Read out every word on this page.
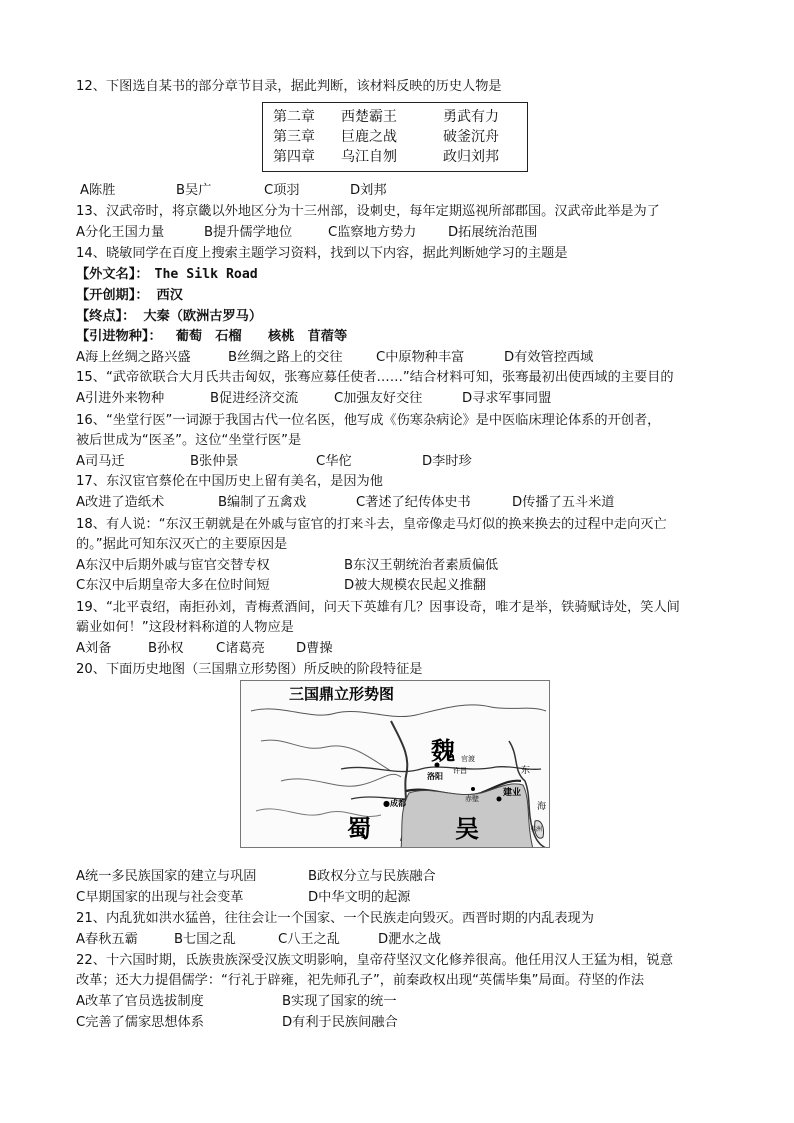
12、下图选自某书的部分章节目录，据此判断，该材料反映的历史人物是
第二章 西楚霸王	勇武有力
第三章 巨鹿之战	破釜沉舟
第四章 乌江自刎	政归刘邦
A陈胜	B吴广	C项羽	D刘邦
13、汉武帝时，将京畿以外地区分为十三州部，设刺史，每年定期巡视所部郡国。汉武帝此举是为了
A分化王国力量	B提升儒学地位	C监察地方势力 D拓展统治范围
14、晓敏同学在百度上搜索主题学习资料，找到以下内容，据此判断她学习的主题是
【外文名】： The Silk Road
【开创期】： 西汉
【终点】： 大秦（欧洲古罗马）
【引进物种】： 葡萄　石榴　　核桃　苜蓿等
A海上丝绸之路兴盛	B丝绸之路上的交往	C中原物种丰富	D有效管控西域
15、“武帝欲联合大月氏共击匈奴，张骞应募任使者……”结合材料可知，张骞最初出使西域的主要目的
A引进外来物种	B促进经济交流	C加强友好交往	D寻求军事同盟
16、“坐堂行医”一词源于我国古代一位名医，他写成《伤寒杂病论》是中医临床理论体系的开创者，
被后世成为“医圣”。这位“坐堂行医”是
A司马迁	B张仲景	C华佗	D李时珍
17、东汉宦官蔡伦在中国历史上留有美名，是因为他
A改进了造纸术	B编制了五禽戏	C著述了纪传体史书	D传播了五斗米道
18、有人说：“东汉王朝就是在外戚与宦官的打来斗去，皇帝像走马灯似的换来换去的过程中走向灭亡
的。”据此可知东汉灭亡的主要原因是
A东汉中后期外戚与宦官交替专权	B东汉王朝统治者素质偏低
C东汉中后期皇帝大多在位时间短	D被大规模农民起义推翻
19、“北平袁绍，南拒孙刘，青梅煮酒间，问天下英雄有几？因事设奇，唯才是举，铁骑赋诗处，笑人间
霸业如何！”这段材料称道的人物应是
A刘备	B孙权 C诸葛亮 D曹操
20、下面历史地图（三国鼎立形势图）所反映的阶段特征是
三国鼎立形势图
魏
蜀	吴
洛阳
许昌
官渡
●成都	赤壁
建业
东
海
夷洲
A统一多民族国家的建立与巩固	B政权分立与民族融合
C早期国家的出现与社会变革	D中华文明的起源
21、内乱犹如洪水猛兽，往往会让一个国家、一个民族走向毁灭。西晋时期的内乱表现为
A春秋五霸	B七国之乱	C八王之乱	D淝水之战
22、十六国时期，氐族贵族深受汉族文明影响，皇帝苻坚汉文化修养很高。他任用汉人王猛为相，锐意
改革；还大力提倡儒学：“行礼于辟雍，祀先师孔子”，前秦政权出现“英儒毕集”局面。苻坚的作法
A改革了官员选拔制度	B实现了国家的统一
C完善了儒家思想体系	D有利于民族间融合
